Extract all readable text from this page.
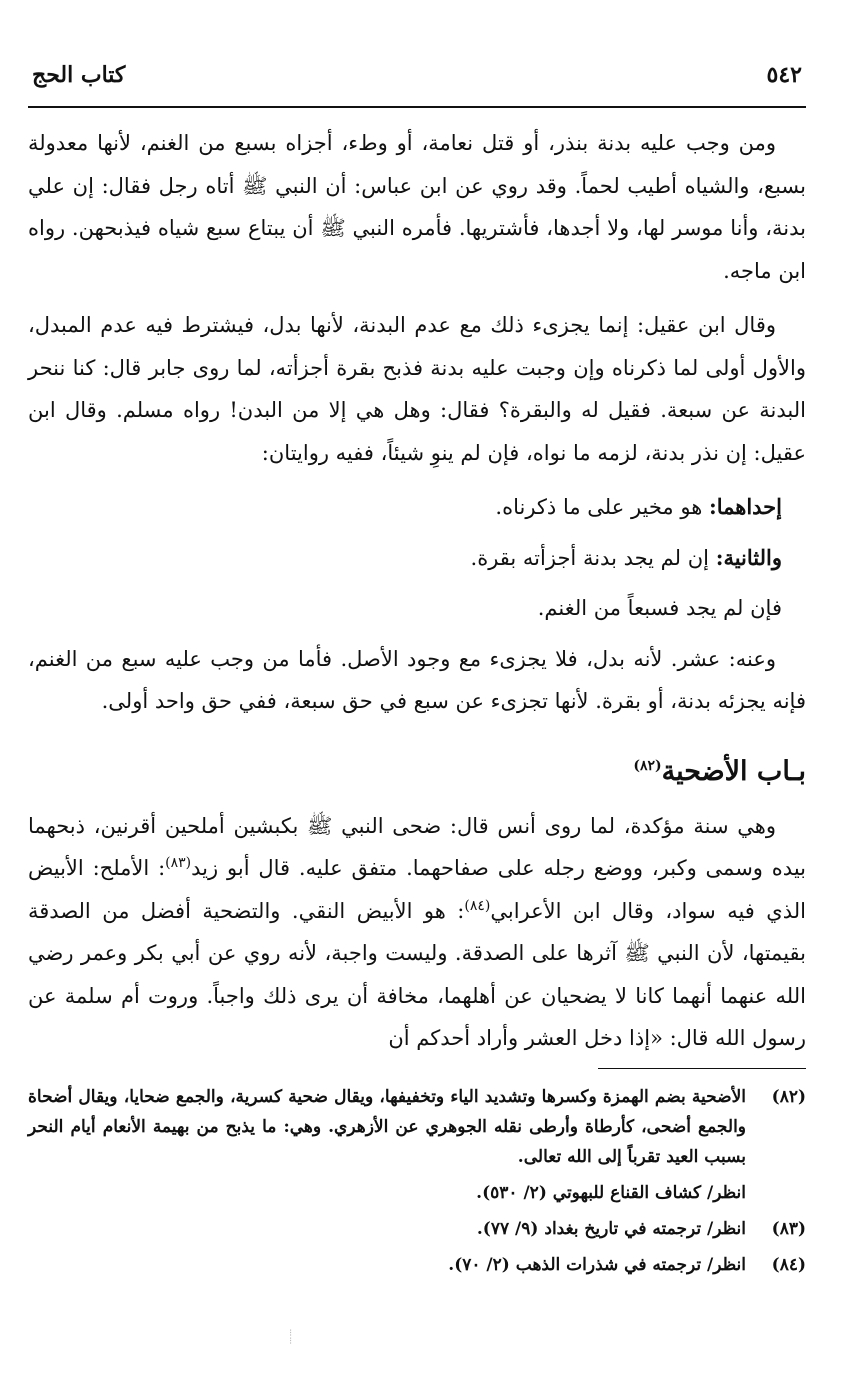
٥٤٢
كتاب الحج

ومن وجب عليه بدنة بنذر، أو قتل نعامة، أو وطء، أجزاه بسبع من الغنم، لأنها معدولة بسبع، والشياه أطيب لحماً. وقد روي عن ابن عباس: أن النبي ﷺ أتاه رجل فقال: إن علي بدنة، وأنا موسر لها، ولا أجدها، فأشتريها. فأمره النبي ﷺ أن يبتاع سبع شياه فيذبحهن. رواه ابن ماجه.

وقال ابن عقيل: إنما يجزىء ذلك مع عدم البدنة، لأنها بدل، فيشترط فيه عدم المبدل، والأول أولى لما ذكرناه وإن وجبت عليه بدنة فذبح بقرة أجزأته، لما روى جابر قال: كنا ننحر البدنة عن سبعة. فقيل له والبقرة؟ فقال: وهل هي إلا من البدن! رواه مسلم. وقال ابن عقيل: إن نذر بدنة، لزمه ما نواه، فإن لم ينوِ شيئاً، ففيه روايتان:

إحداهما: هو مخير على ما ذكرناه.

والثانية: إن لم يجد بدنة أجزأته بقرة.

فإن لم يجد فسبعاً من الغنم.

وعنه: عشر. لأنه بدل، فلا يجزىء مع وجود الأصل. فأما من وجب عليه سبع من الغنم، فإنه يجزئه بدنة، أو بقرة. لأنها تجزىء عن سبع في حق سبعة، ففي حق واحد أولى.

بـاب الأضحية$^{(٨٢)}$

وهي سنة مؤكدة، لما روى أنس قال: ضحى النبي ﷺ بكبشين أملحين أقرنين، ذبحهما بيده وسمى وكبر، ووضع رجله على صفاحهما. متفق عليه. قال أبو زيد$^{(٨٣)}$: الأملح: الأبيض الذي فيه سواد، وقال ابن الأعرابي$^{(٨٤)}$: هو الأبيض النقي. والتضحية أفضل من الصدقة بقيمتها، لأن النبي ﷺ آثرها على الصدقة. وليست واجبة، لأنه روي عن أبي بكر وعمر رضي الله عنهما أنهما كانا لا يضحيان عن أهلهما، مخافة أن يرى ذلك واجباً. وروت أم سلمة عن رسول الله قال: «إذا دخل العشر وأراد أحدكم أن

(٨٢)
الأضحية بضم الهمزة وكسرها وتشديد الياء وتخفيفها، ويقال ضحية كسرية، والجمع ضحايا، ويقال أضحاة والجمع أضحى، كأرطاة وأرطى نقله الجوهري عن الأزهري. وهي: ما يذبح من بهيمة الأنعام أيام النحر بسبب العيد تقرباً إلى الله تعالى.
انظر/ كشاف القناع للبهوتي (٢/ ٥٣٠).
(٨٣)
انظر/ ترجمته في تاريخ بغداد (٩/ ٧٧).
(٨٤)
انظر/ ترجمته في شذرات الذهب (٢/ ٧٠).
⁝
⁝
